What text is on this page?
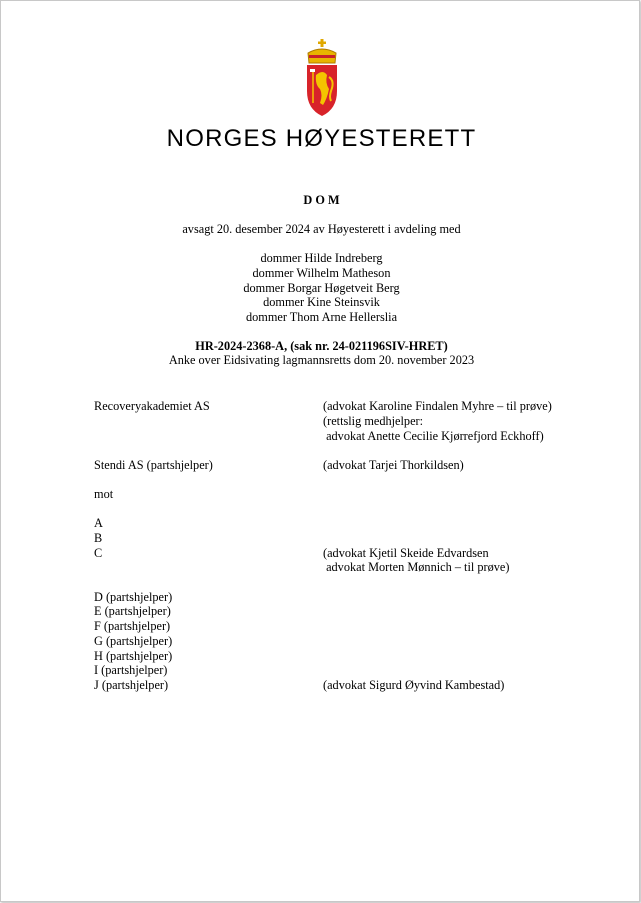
NORGES HØYESTERETT
D O M
avsagt 20. desember 2024 av Høyesterett i avdeling med
dommer Hilde Indreberg
dommer Wilhelm Matheson
dommer Borgar Høgetveit Berg
dommer Kine Steinsvik
dommer Thom Arne Hellerslia
HR-2024-2368-A, (sak nr. 24-021196SIV-HRET)
Anke over Eidsivating lagmannsretts dom 20. november 2023
Recoveryakademiet AS
Stendi AS (partshjelper)
mot
A
B
C
D (partshjelper)
E (partshjelper)
F (partshjelper)
G (partshjelper)
H (partshjelper)
I (partshjelper)
J (partshjelper)
(advokat Karoline Findalen Myhre – til prøve)
(rettslig medhjelper:
advokat Anette Cecilie Kjørrefjord Eckhoff)
(advokat Tarjei Thorkildsen)
(advokat Kjetil Skeide Edvardsen
advokat Morten Mønnich – til prøve)
(advokat Sigurd Øyvind Kambestad)
